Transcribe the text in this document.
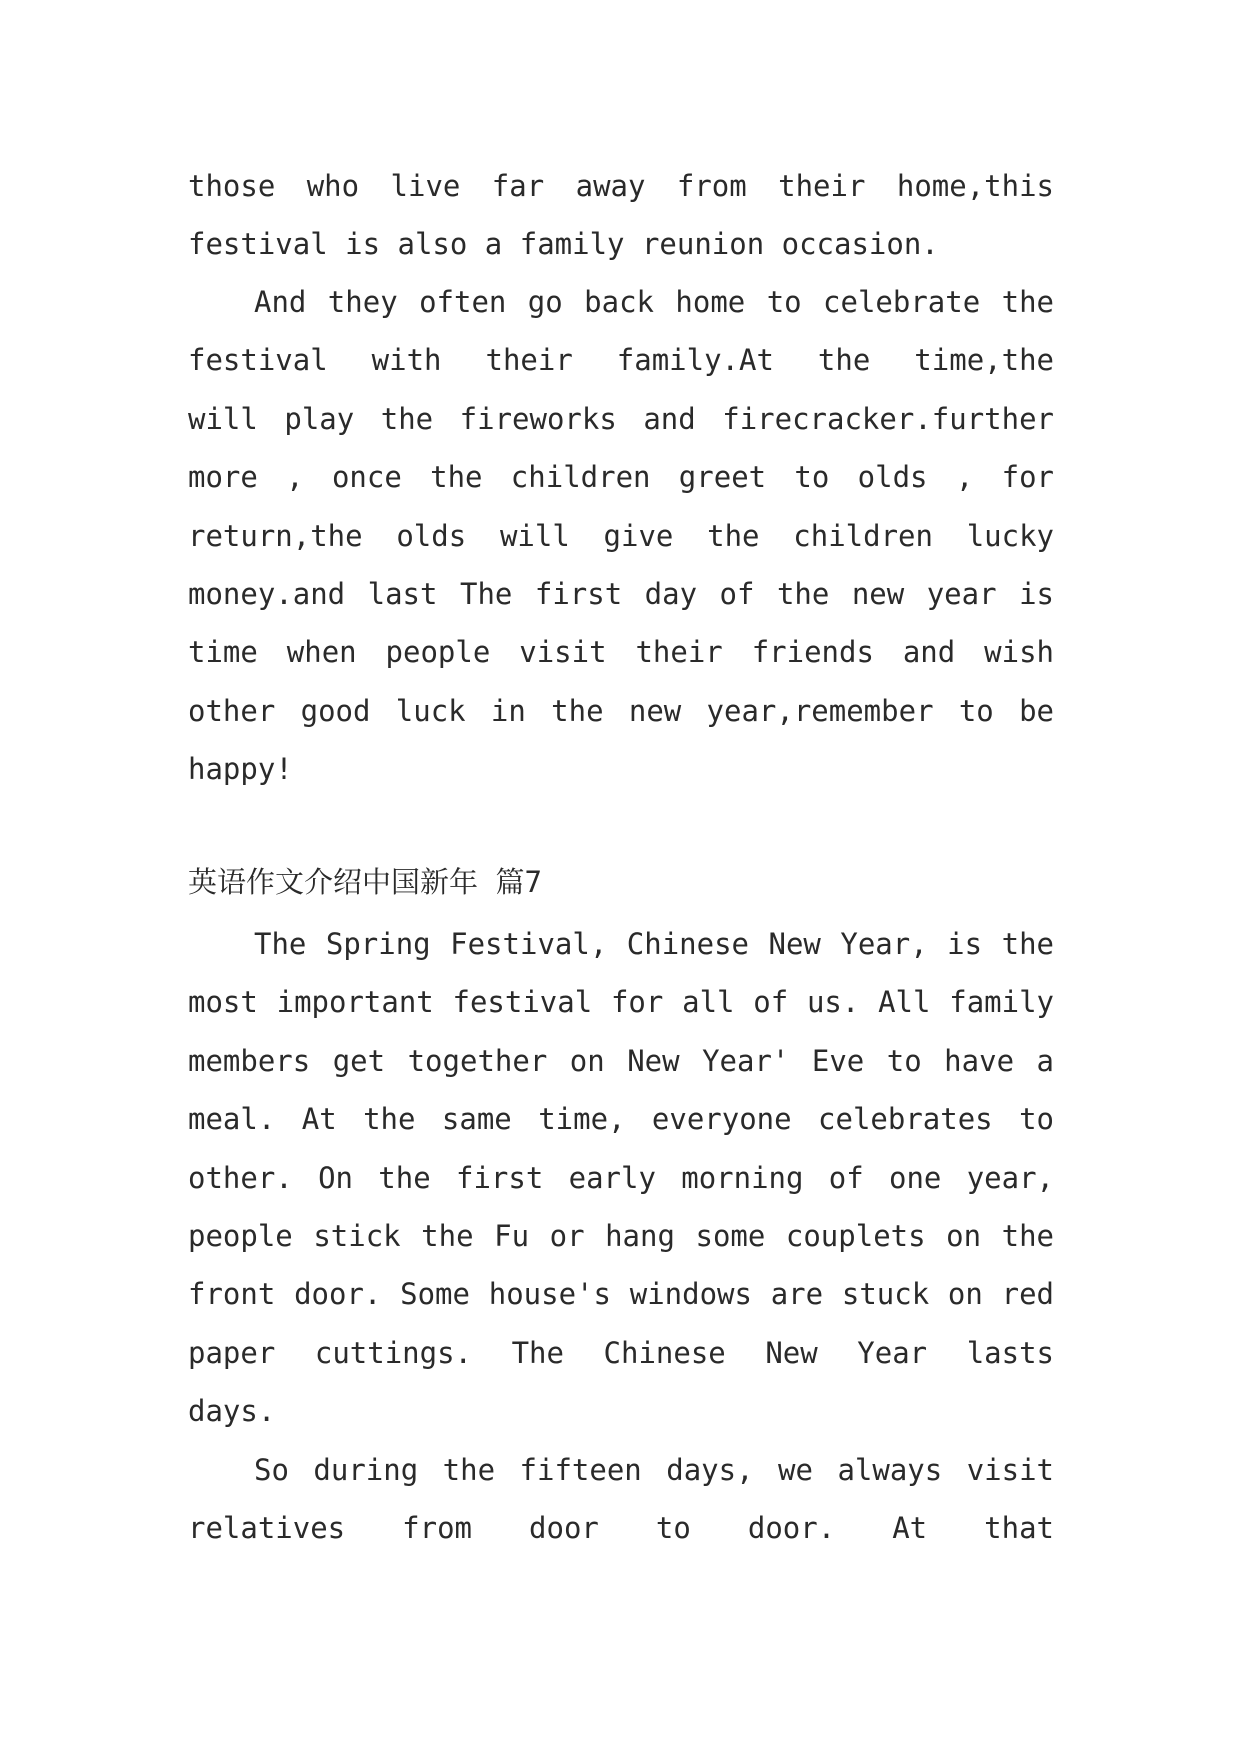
those who live far away from their home,this
festival is also a family reunion occasion.
And they often go back home to celebrate the
festival with their family.At the time,the
will play the fireworks and firecracker.further
more , once the children greet to olds , for
return,the olds will give the children lucky
money.and last The first day of the new year is
time when people visit their friends and wish
other good luck in the new year,remember to be
happy!
英语作文介绍中国新年 篇7
The Spring Festival, Chinese New Year, is the
most important festival for all of us. All family
members get together on New Year' Eve to have a
meal. At the same time, everyone celebrates to
other. On the first early morning of one year,
people stick the Fu or hang some couplets on the
front door. Some house's windows are stuck on red
paper cuttings. The Chinese New Year lasts
days.
So during the fifteen days, we always visit
relatives from door to door. At that
